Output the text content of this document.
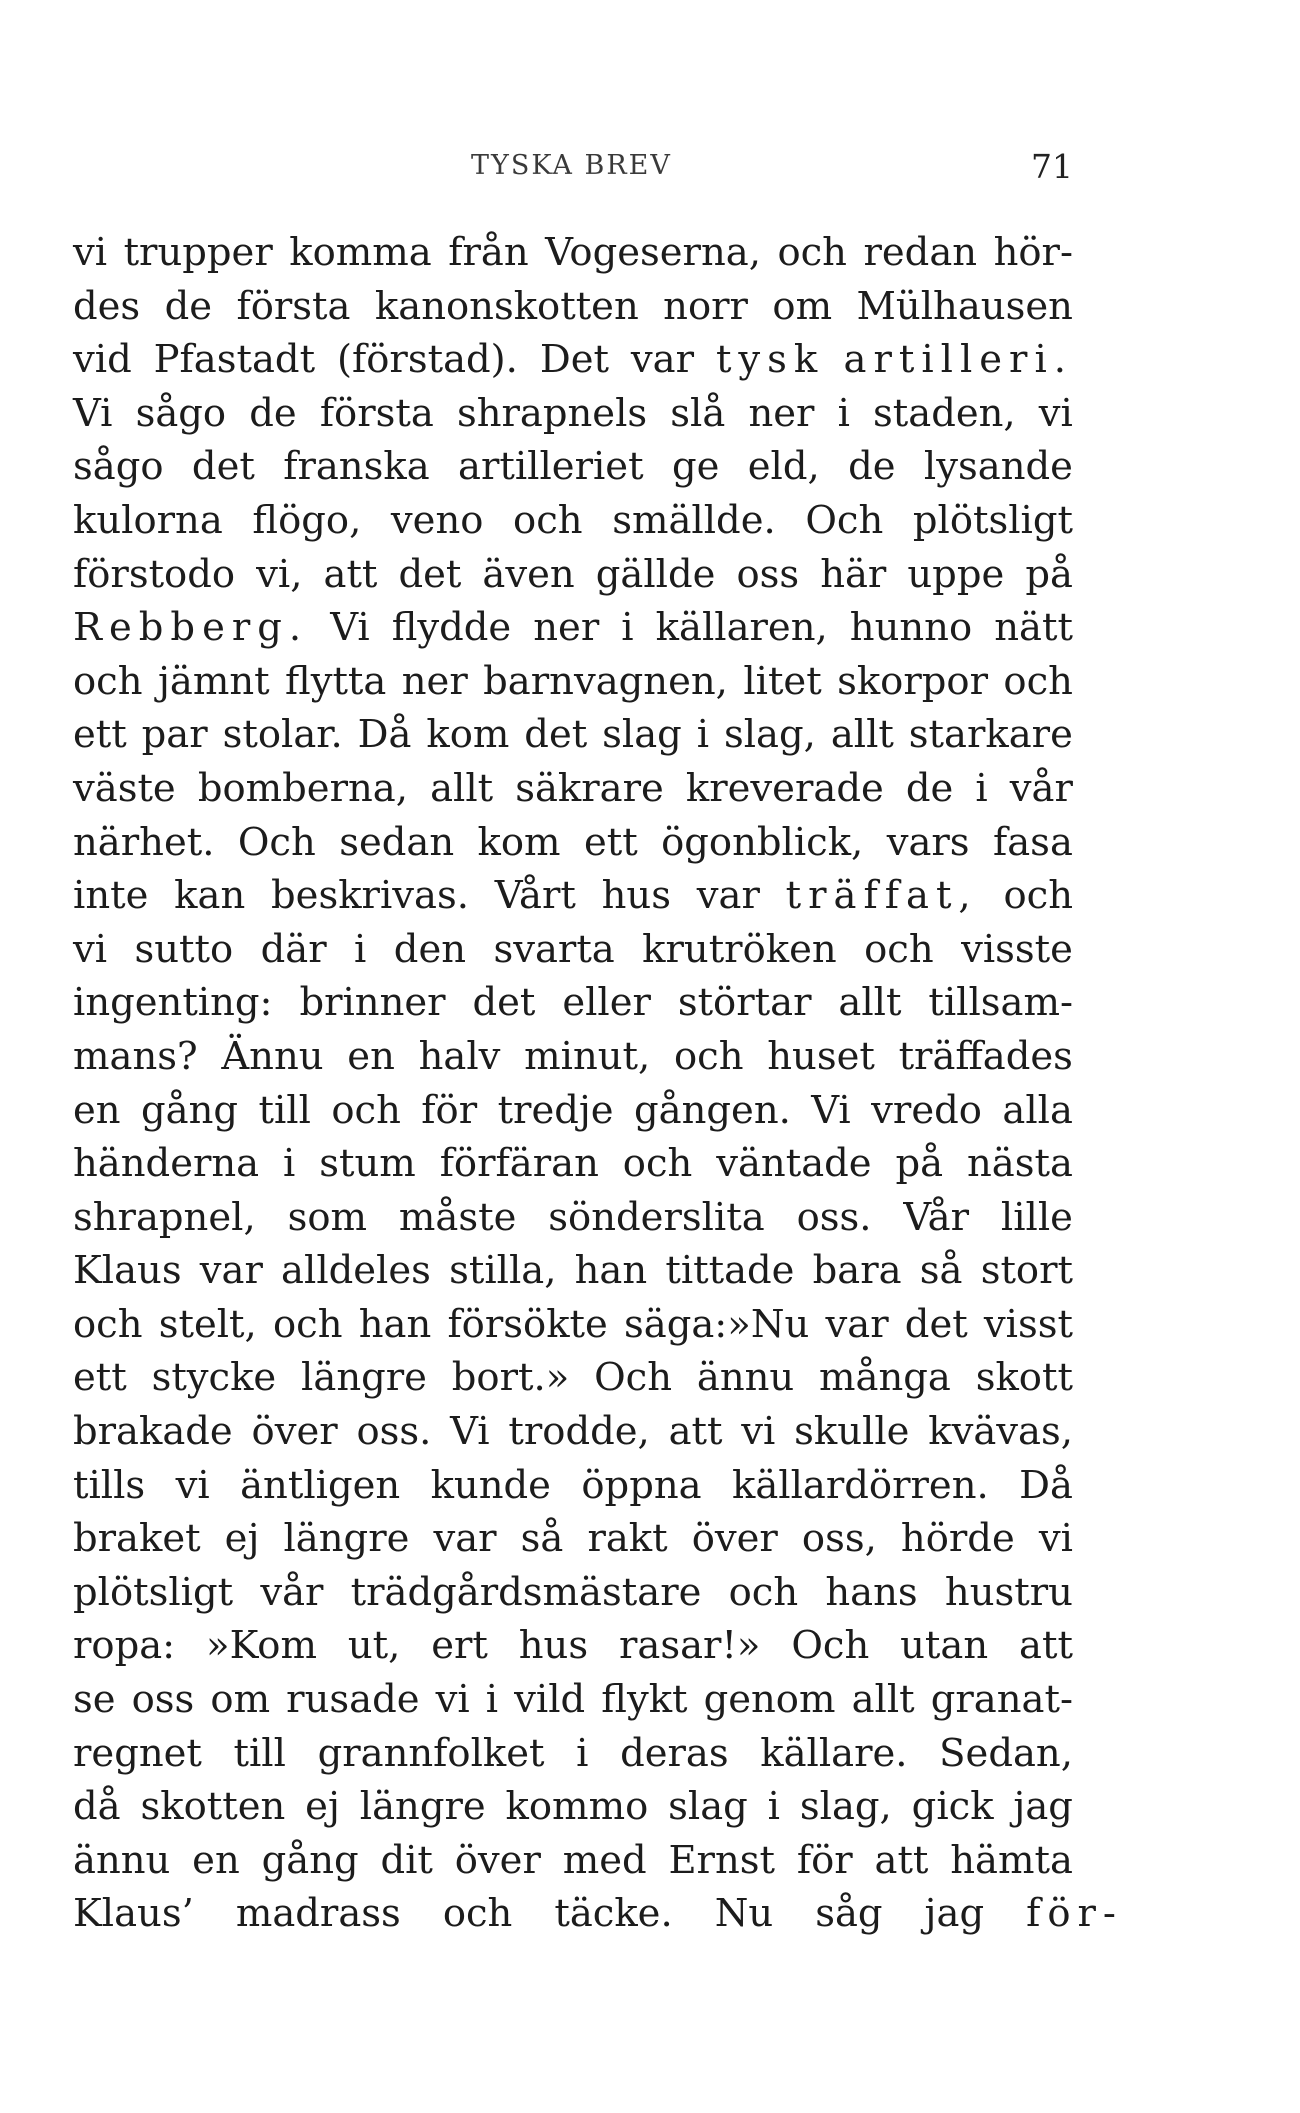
TYSKA BREV	71
vi trupper komma från Vogeserna, och redan hör-
des de första kanonskotten norr om Mülhausen
vid Pfastadt (förstad). Det var tysk artilleri.
Vi sågo de första shrapnels slå ner i staden, vi
sågo det franska artilleriet ge eld, de lysande
kulorna flögo, veno och smällde. Och plötsligt
förstodo vi, att det även gällde oss här uppe på
Rebberg. Vi flydde ner i källaren, hunno nätt
och jämnt flytta ner barnvagnen, litet skorpor och
ett par stolar. Då kom det slag i slag, allt starkare
väste bomberna, allt säkrare kreverade de i vår
närhet. Och sedan kom ett ögonblick, vars fasa
inte kan beskrivas. Vårt hus var träffat, och
vi sutto där i den svarta krutröken och visste
ingenting: brinner det eller störtar allt tillsam-
mans? Ännu en halv minut, och huset träffades
en gång till och för tredje gången. Vi vredo alla
händerna i stum förfäran och väntade på nästa
shrapnel, som måste sönderslita oss. Vår lille
Klaus var alldeles stilla, han tittade bara så stort
och stelt, och han försökte säga:»Nu var det visst
ett stycke längre bort.» Och ännu många skott
brakade över oss. Vi trodde, att vi skulle kvävas,
tills vi äntligen kunde öppna källardörren. Då
braket ej längre var så rakt över oss, hörde vi
plötsligt vår trädgårdsmästare och hans hustru
ropa: »Kom ut, ert hus rasar!» Och utan att
se oss om rusade vi i vild flykt genom allt granat-
regnet till grannfolket i deras källare. Sedan,
då skotten ej längre kommo slag i slag, gick jag
ännu en gång dit över med Ernst för att hämta
Klaus’ madrass och täcke. Nu såg jag för-
